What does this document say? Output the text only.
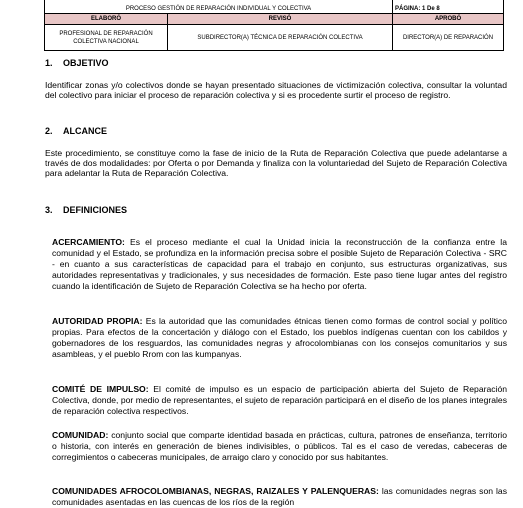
PROCESO GESTIÓN DE REPARACIÓN INDIVIDUAL Y COLECTIVA		PÁGINA: 1 De 8
ELABORÓ	REVISÓ	APROBÓ
PROFESIONAL DE REPARACIÓN COLECTIVA NACIONAL	SUBDIRECTOR(A) TÉCNICA DE REPARACIÓN COLECTIVA	DIRECTOR(A) DE REPARACIÓN
1. OBJETIVO
Identificar zonas y/o colectivos donde se hayan presentado situaciones de victimización colectiva, consultar la voluntad del colectivo para iniciar el proceso de reparación colectiva y si es procedente surtir el proceso de registro.
2. ALCANCE
Este procedimiento, se constituye como la fase de inicio de la Ruta de Reparación Colectiva que puede adelantarse a través de dos modalidades: por Oferta o por Demanda y finaliza con la voluntariedad del Sujeto de Reparación Colectiva para adelantar la Ruta de Reparación Colectiva.
3. DEFINICIONES
ACERCAMIENTO: Es el proceso mediante el cual la Unidad inicia la reconstrucción de la confianza entre la comunidad y el Estado, se profundiza en la información precisa sobre el posible Sujeto de Reparación Colectiva - SRC - en cuanto a sus características de capacidad para el trabajo en conjunto, sus estructuras organizativas, sus autoridades representativas y tradicionales, y sus necesidades de formación. Este paso tiene lugar antes del registro cuando la identificación de Sujeto de Reparación Colectiva se ha hecho por oferta.
AUTORIDAD PROPIA: Es la autoridad que las comunidades étnicas tienen como formas de control social y político propias. Para efectos de la concertación y diálogo con el Estado, los pueblos indígenas cuentan con los cabildos y gobernadores de los resguardos, las comunidades negras y afrocolombianas con los consejos comunitarios y sus asambleas, y el pueblo Rrom con las kumpanyas.
COMITÉ DE IMPULSO: El comité de impulso es un espacio de participación abierta del Sujeto de Reparación Colectiva, donde, por medio de representantes, el sujeto de reparación participará en el diseño de los planes integrales de reparación colectiva respectivos.
COMUNIDAD: conjunto social que comparte identidad basada en prácticas, cultura, patrones de enseñanza, territorio o historia, con interés en generación de bienes indivisibles, o públicos. Tal es el caso de veredas, cabeceras de corregimientos o cabeceras municipales, de arraigo claro y conocido por sus habitantes.
COMUNIDADES AFROCOLOMBIANAS, NEGRAS, RAIZALES Y PALENQUERAS: las comunidades negras son las comunidades asentadas en las cuencas de los ríos de la región
